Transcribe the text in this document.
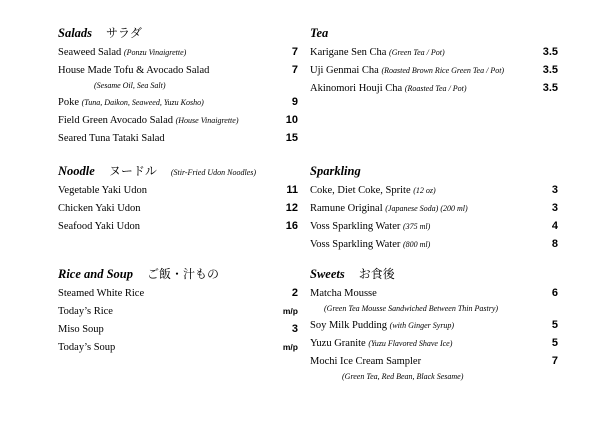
Salads サラダ
Seaweed Salad (Ponzu Vinaigrette)	7
House Made Tofu & Avocado Salad	7
(Sesame Oil, Sea Salt)
Poke (Tuna, Daikon, Seaweed, Yuzu Kosho)	9
Field Green Avocado Salad (House Vinaigrette)	10
Seared Tuna Tataki Salad	15
Tea
Karigane Sen Cha (Green Tea / Pot)	3.5
Uji Genmai Cha (Roasted Brown Rice Green Tea / Pot)	3.5
Akinomori Houji Cha (Roasted Tea / Pot)	3.5
Noodle ヌードル (Stir-Fried Udon Noodles)
Vegetable Yaki Udon	11
Chicken Yaki Udon	12
Seafood Yaki Udon	16
Sparkling
Coke, Diet Coke, Sprite (12 oz)	3
Ramune Original (Japanese Soda) (200 ml)	3
Voss Sparkling Water (375 ml)	4
Voss Sparkling Water (800 ml)	8
Rice and Soup ご飯・汁もの
Steamed White Rice	2
Today’s Rice	m/p
Miso Soup	3
Today’s Soup	m/p
Sweets お食後
Matcha Mousse	6
(Green Tea Mousse Sandwiched Between Thin Pastry)
Soy Milk Pudding (with Ginger Syrup)	5
Yuzu Granite (Yuzu Flavored Shave Ice)	5
Mochi Ice Cream Sampler	7
(Green Tea, Red Bean, Black Sesame)
